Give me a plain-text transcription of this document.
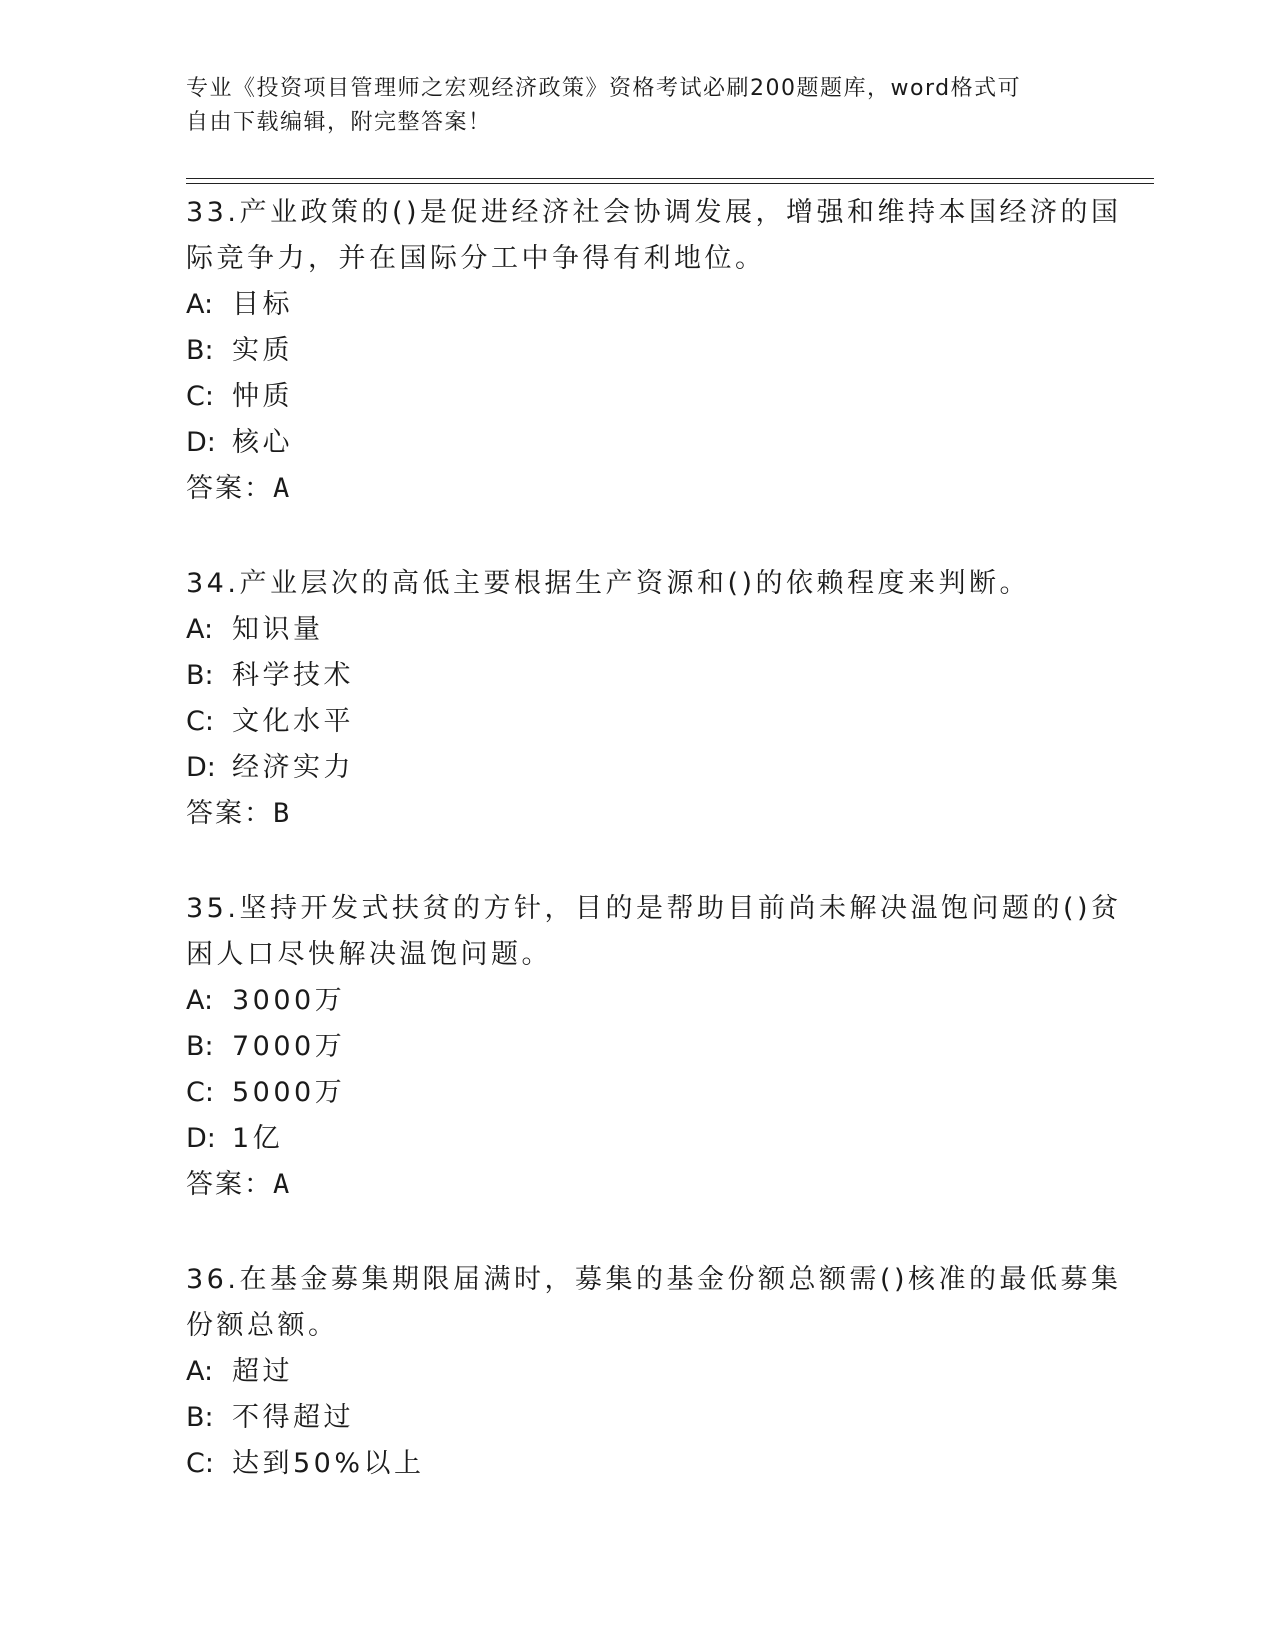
专业《投资项目管理师之宏观经济政策》资格考试必刷200题题库，word格式可
自由下载编辑，附完整答案！
33.产业政策的()是促进经济社会协调发展，增强和维持本国经济的国
际竞争力，并在国际分工中争得有利地位。
A: 目标
B: 实质
C: 忡质
D: 核心
答案：A
34.产业层次的高低主要根据生产资源和()的依赖程度来判断。
A: 知识量
B: 科学技术
C: 文化水平
D: 经济实力
答案：B
35.坚持开发式扶贫的方针，目的是帮助目前尚未解决温饱问题的()贫
困人口尽快解决温饱问题。
A: 3000万
B: 7000万
C: 5000万
D: 1亿
答案：A
36.在基金募集期限届满时，募集的基金份额总额需()核准的最低募集
份额总额。
A: 超过
B: 不得超过
C: 达到50%以上
